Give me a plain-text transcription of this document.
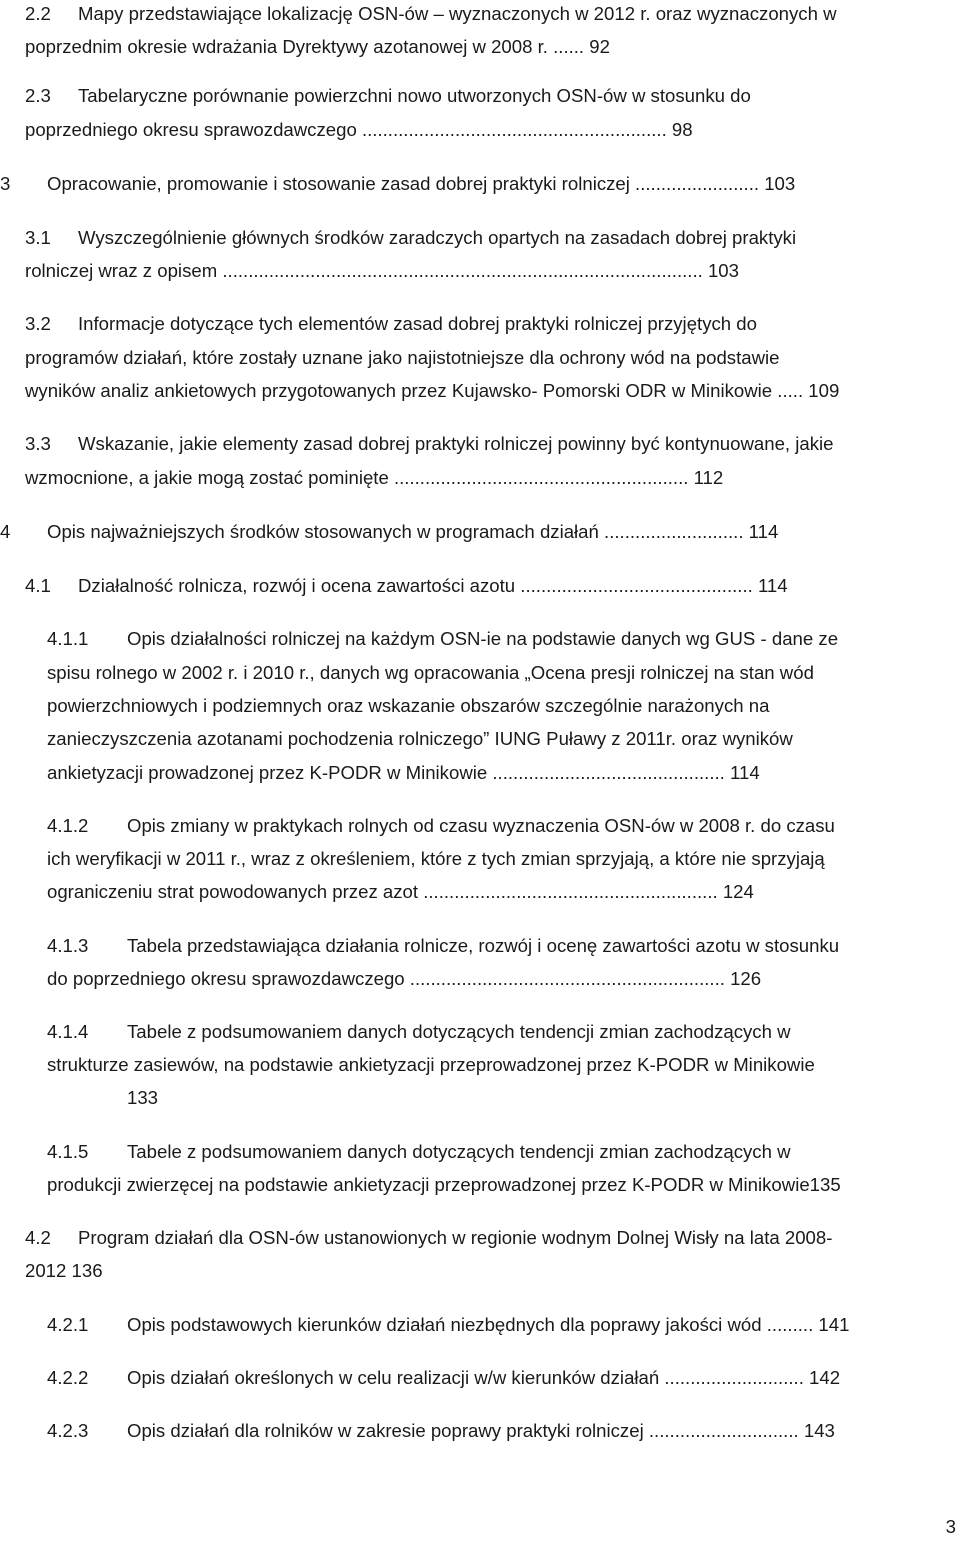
2.2 Mapy przedstawiające lokalizację OSN-ów – wyznaczonych w 2012 r. oraz wyznaczonych w
poprzednim okresie wdrażania Dyrektywy azotanowej w 2008 r. ...... 92
2.3 Tabelaryczne porównanie powierzchni nowo utworzonych OSN-ów w stosunku do
poprzedniego okresu sprawozdawczego ........................................................... 98
3 Opracowanie, promowanie i stosowanie zasad dobrej praktyki rolniczej ........................ 103
3.1 Wyszczególnienie głównych środków zaradczych opartych na zasadach dobrej praktyki
rolniczej wraz z opisem ............................................................................................. 103
3.2 Informacje dotyczące tych elementów zasad dobrej praktyki rolniczej przyjętych do
programów działań, które zostały uznane jako najistotniejsze dla ochrony wód na podstawie
wyników analiz ankietowych przygotowanych przez Kujawsko- Pomorski ODR w Minikowie ..... 109
3.3 Wskazanie, jakie elementy zasad dobrej praktyki rolniczej powinny być kontynuowane, jakie
wzmocnione, a jakie mogą zostać pominięte ......................................................... 112
4 Opis najważniejszych środków stosowanych w programach działań ........................... 114
4.1 Działalność rolnicza, rozwój i ocena zawartości azotu ............................................. 114
4.1.1 Opis działalności rolniczej na każdym OSN-ie na podstawie danych wg GUS - dane ze
spisu rolnego w 2002 r. i 2010 r., danych wg opracowania „Ocena presji rolniczej na stan wód
powierzchniowych i podziemnych oraz wskazanie obszarów szczególnie narażonych na
zanieczyszczenia azotanami pochodzenia rolniczego” IUNG Puławy z 2011r. oraz wyników
ankietyzacji prowadzonej przez K-PODR w Minikowie ............................................. 114
4.1.2 Opis zmiany w praktykach rolnych od czasu wyznaczenia OSN-ów w 2008 r. do czasu
ich weryfikacji w 2011 r., wraz z określeniem, które z tych zmian sprzyjają, a które nie sprzyjają
ograniczeniu strat powodowanych przez azot ......................................................... 124
4.1.3 Tabela przedstawiająca działania rolnicze, rozwój i ocenę zawartości azotu w stosunku
do poprzedniego okresu sprawozdawczego ............................................................. 126
4.1.4 Tabele z podsumowaniem danych dotyczących tendencji zmian zachodzących w
strukturze zasiewów, na podstawie ankietyzacji przeprowadzonej przez K-PODR w Minikowie
133
4.1.5 Tabele z podsumowaniem danych dotyczących tendencji zmian zachodzących w
produkcji zwierzęcej na podstawie ankietyzacji przeprowadzonej przez K-PODR w Minikowie135
4.2 Program działań dla OSN-ów ustanowionych w regionie wodnym Dolnej Wisły na lata 2008-
2012 136
4.2.1 Opis podstawowych kierunków działań niezbędnych dla poprawy jakości wód ......... 141
4.2.2 Opis działań określonych w celu realizacji w/w kierunków działań ........................... 142
4.2.3 Opis działań dla rolników w zakresie poprawy praktyki rolniczej ............................. 143
3
